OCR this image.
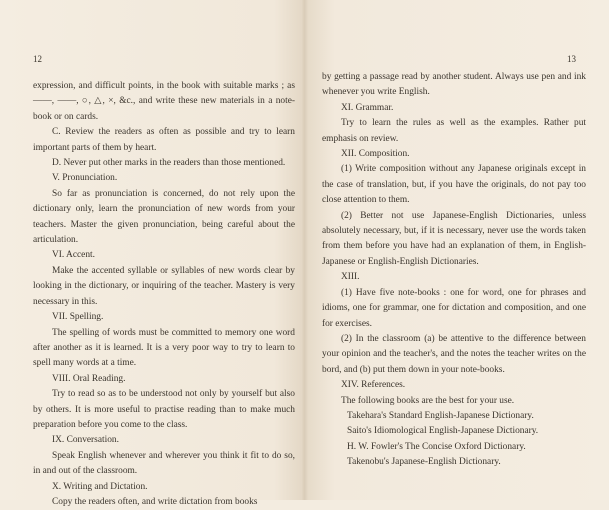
12

expression, and difficult points, in the book with suitable marks ; as ——, ——, ○, △, ×, &c., and write these new materials in a note-book or on cards.

C. Review the readers as often as possible and try to learn important parts of them by heart.

D. Never put other marks in the readers than those mentioned.

V. Pronunciation.

So far as pronunciation is concerned, do not rely upon the dictionary only, learn the pronunciation of new words from your teachers. Master the given pronunciation, being careful about the articulation.

VI. Accent.

Make the accented syllable or syllables of new words clear by looking in the dictionary, or inquiring of the teacher. Mastery is very necessary in this.

VII. Spelling.

The spelling of words must be committed to memory one word after another as it is learned. It is a very poor way to try to learn to spell many words at a time.

VIII. Oral Reading.

Try to read so as to be understood not only by yourself but also by others. It is more useful to practise reading than to make much preparation before you come to the class.

IX. Conversation.

Speak English whenever and wherever you think it fit to do so, in and out of the classroom.

X. Writing and Dictation.

Copy the readers often, and write dictation from books

13

by getting a passage read by another student. Always use pen and ink whenever you write English.

XI. Grammar.

Try to learn the rules as well as the examples. Rather put emphasis on review.

XII. Composition.

(1) Write composition without any Japanese originals except in the case of translation, but, if you have the originals, do not pay too close attention to them.

(2) Better not use Japanese-English Dictionaries, unless absolutely necessary, but, if it is necessary, never use the words taken from them before you have had an explanation of them, in English-Japanese or English-English Dictionaries.

XIII.

(1) Have five note-books : one for word, one for phrases and idioms, one for grammar, one for dictation and composition, and one for exercises.

(2) In the classroom (a) be attentive to the difference between your opinion and the teacher's, and the notes the teacher writes on the bord, and (b) put them down in your note-books.

XIV. References.

The following books are the best for your use.

Takehara's Standard English-Japanese Dictionary.

Saito's Idiomological English-Japanese Dictionary.

H. W. Fowler's The Concise Oxford Dictionary.

Takenobu's Japanese-English Dictionary.
